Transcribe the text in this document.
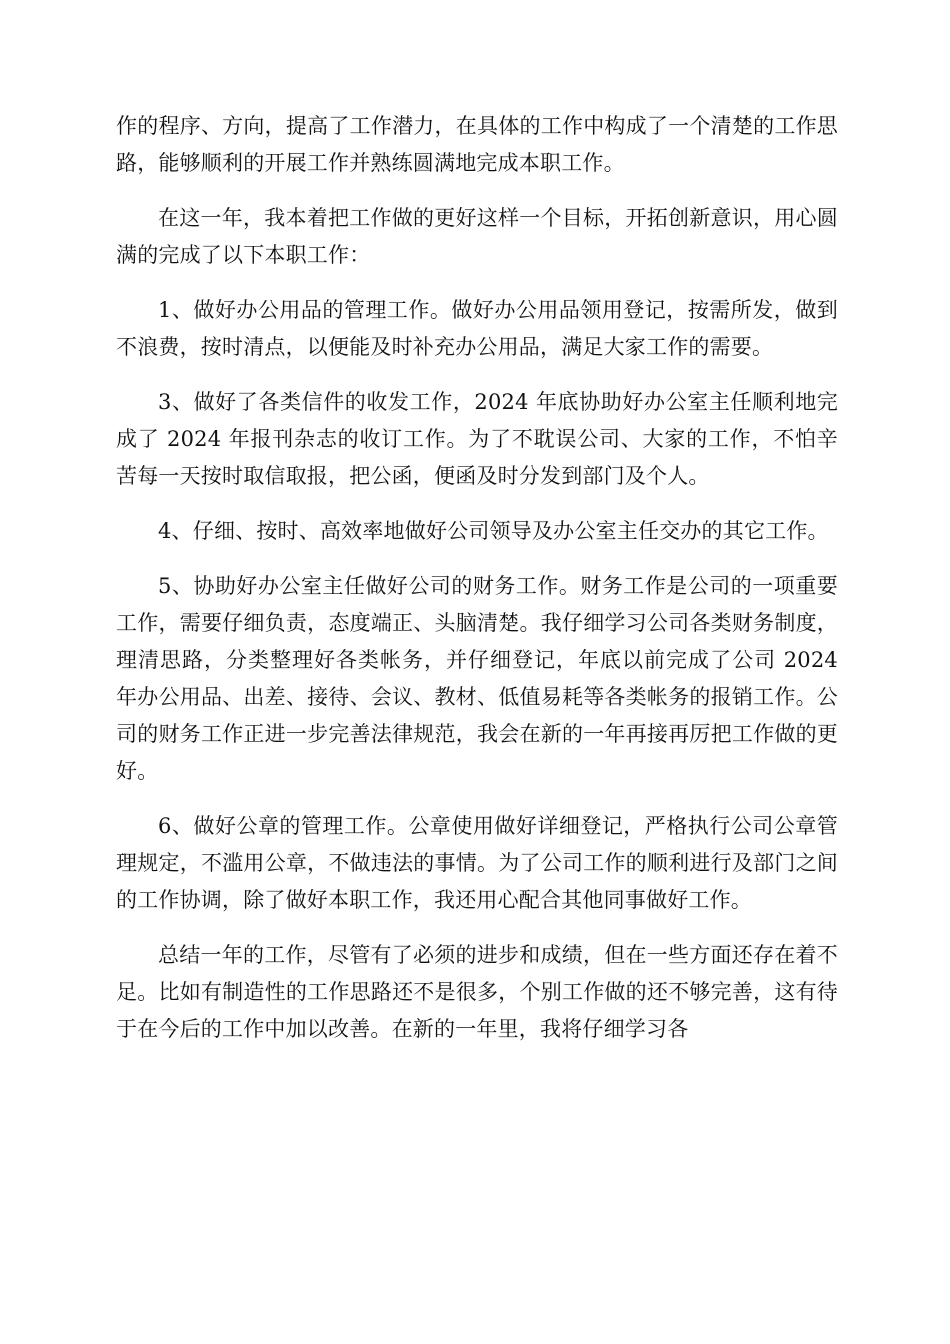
作的程序、方向，提高了工作潜力，在具体的工作中构成了一个清楚的工作思路，能够顺利的开展工作并熟练圆满地完成本职工作。

在这一年，我本着把工作做的更好这样一个目标，开拓创新意识，用心圆满的完成了以下本职工作：

1、做好办公用品的管理工作。做好办公用品领用登记，按需所发，做到不浪费，按时清点，以便能及时补充办公用品，满足大家工作的需要。

3、做好了各类信件的收发工作，2024 年底协助好办公室主任顺利地完成了 2024 年报刊杂志的收订工作。为了不耽误公司、大家的工作，不怕辛苦每一天按时取信取报，把公函，便函及时分发到部门及个人。

4、仔细、按时、高效率地做好公司领导及办公室主任交办的其它工作。

5、协助好办公室主任做好公司的财务工作。财务工作是公司的一项重要工作，需要仔细负责，态度端正、头脑清楚。我仔细学习公司各类财务制度，理清思路，分类整理好各类帐务，并仔细登记，年底以前完成了公司 2024 年办公用品、出差、接待、会议、教材、低值易耗等各类帐务的报销工作。公司的财务工作正进一步完善法律规范，我会在新的一年再接再厉把工作做的更好。

6、做好公章的管理工作。公章使用做好详细登记，严格执行公司公章管理规定，不滥用公章，不做违法的事情。为了公司工作的顺利进行及部门之间的工作协调，除了做好本职工作，我还用心配合其他同事做好工作。

总结一年的工作，尽管有了必须的进步和成绩，但在一些方面还存在着不足。比如有制造性的工作思路还不是很多，个别工作做的还不够完善，这有待于在今后的工作中加以改善。在新的一年里，我将仔细学习各
